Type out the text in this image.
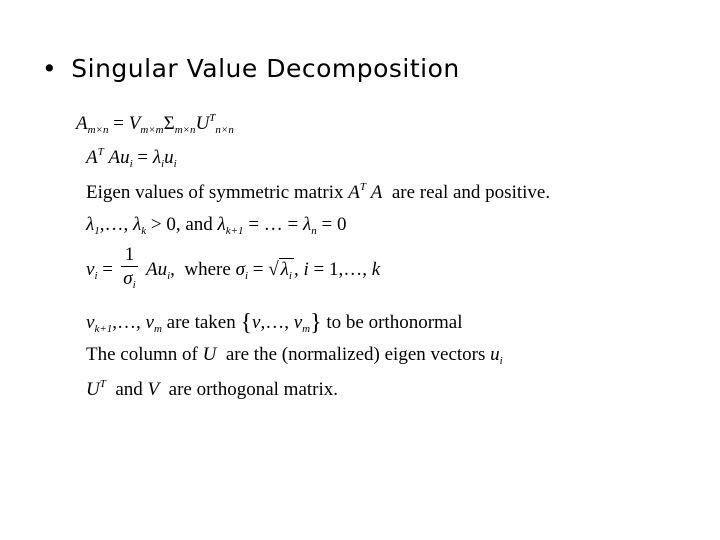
• Singular Value Decomposition
$A_{m\times n} = V_{m\times m}\Sigma_{m\times n}U^T_{n\times n}$
$A^T$ $Au_i = \lambda_iu_i$
Eigen values of symmetric matrix $A^T$ A  are real and positive.
$\lambda_1,\dots$, $\lambda_k > 0$, and $\lambda_{k+1}$ = … = $\lambda_n = 0$
$v_i = \frac{1}{\sigma_i} Au_i$,  where $\sigma_i$ = √ $\lambda_i$ , i = 1,…, k
$v_{k+1},\dots$, $v_m$ are taken {v,…, $v_m$} to be orthonormal
The column of U  are the (normalized) eigen vectors $u_i$
$U^T$  and V  are orthogonal matrix.
